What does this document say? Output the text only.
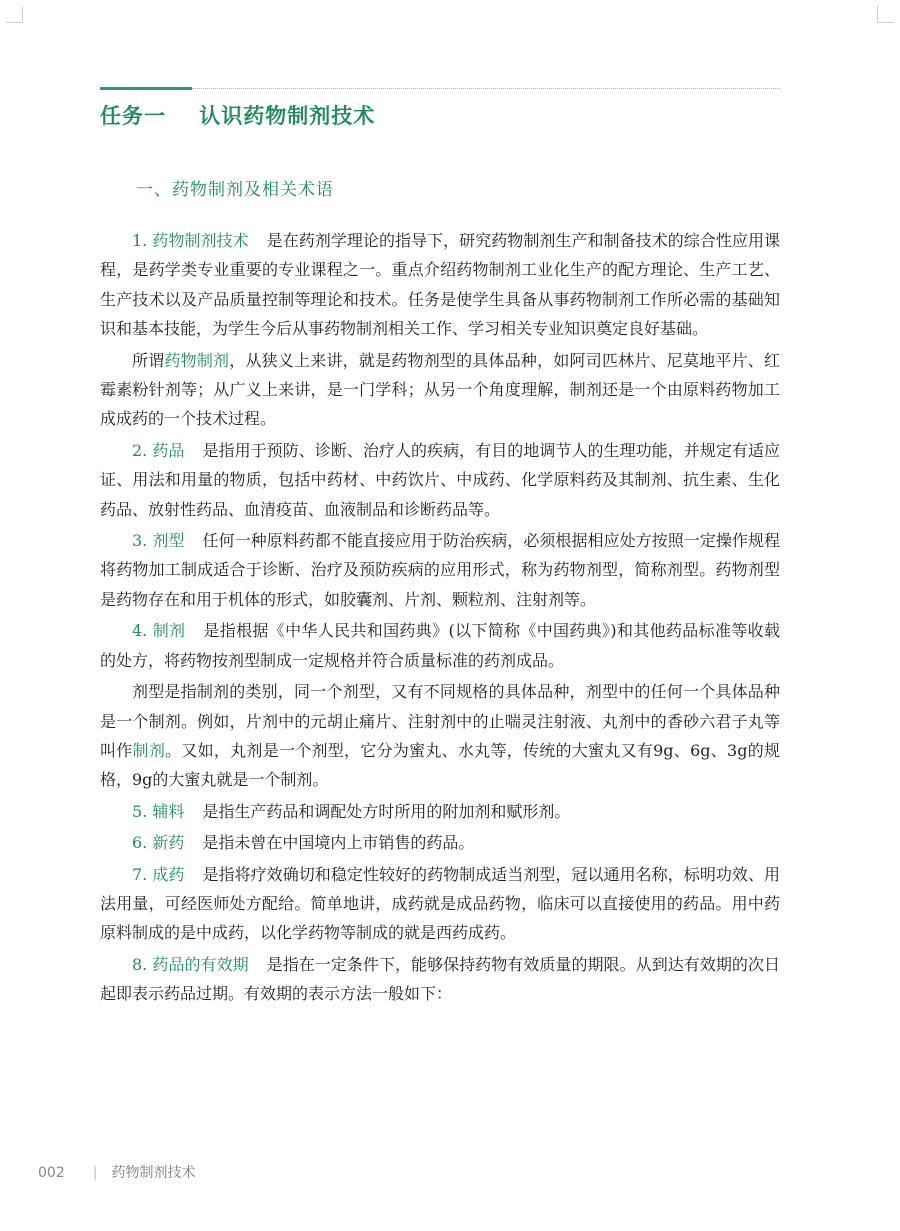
任务一    认识药物制剂技术
一、药物制剂及相关术语

1. 药物制剂技术 是在药剂学理论的指导下，研究药物制剂生产和制备技术的综合性应用课程，是药学类专业重要的专业课程之一。重点介绍药物制剂工业化生产的配方理论、生产工艺、生产技术以及产品质量控制等理论和技术。任务是使学生具备从事药物制剂工作所必需的基础知识和基本技能，为学生今后从事药物制剂相关工作、学习相关专业知识奠定良好基础。

所谓药物制剂，从狭义上来讲，就是药物剂型的具体品种，如阿司匹林片、尼莫地平片、红霉素粉针剂等；从广义上来讲，是一门学科；从另一个角度理解，制剂还是一个由原料药物加工成成药的一个技术过程。

2. 药品 是指用于预防、诊断、治疗人的疾病，有目的地调节人的生理功能，并规定有适应证、用法和用量的物质，包括中药材、中药饮片、中成药、化学原料药及其制剂、抗生素、生化药品、放射性药品、血清疫苗、血液制品和诊断药品等。

3. 剂型 任何一种原料药都不能直接应用于防治疾病，必须根据相应处方按照一定操作规程将药物加工制成适合于诊断、治疗及预防疾病的应用形式，称为药物剂型，简称剂型。药物剂型是药物存在和用于机体的形式，如胶囊剂、片剂、颗粒剂、注射剂等。

4. 制剂 是指根据《中华人民共和国药典》(以下简称《中国药典》)和其他药品标准等收载的处方，将药物按剂型制成一定规格并符合质量标准的药剂成品。

剂型是指制剂的类别，同一个剂型，又有不同规格的具体品种，剂型中的任何一个具体品种是一个制剂。例如，片剂中的元胡止痛片、注射剂中的止喘灵注射液、丸剂中的香砂六君子丸等叫作制剂。又如，丸剂是一个剂型，它分为蜜丸、水丸等，传统的大蜜丸又有9g、6g、3g的规格，9g的大蜜丸就是一个制剂。

5. 辅料 是指生产药品和调配处方时所用的附加剂和赋形剂。

6. 新药 是指未曾在中国境内上市销售的药品。

7. 成药 是指将疗效确切和稳定性较好的药物制成适当剂型，冠以通用名称，标明功效、用法用量，可经医师处方配给。简单地讲，成药就是成品药物，临床可以直接使用的药品。用中药原料制成的是中成药，以化学药物等制成的就是西药成药。

8. 药品的有效期 是指在一定条件下，能够保持药物有效质量的期限。从到达有效期的次日起即表示药品过期。有效期的表示方法一般如下：

002 | 药物制剂技术
